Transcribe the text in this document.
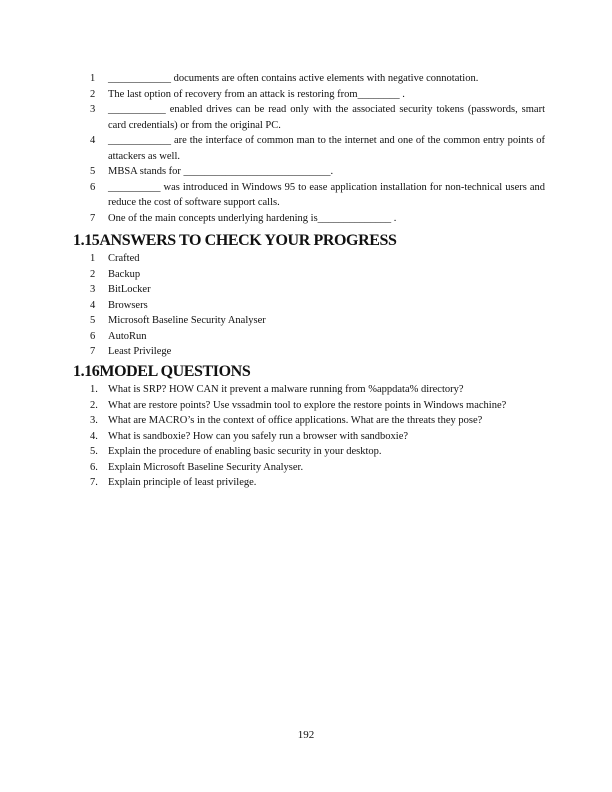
1 ____________ documents are often contains active elements with negative connotation.
2 The last option of recovery from an attack is restoring from________ .
3 ___________ enabled drives can be read only with the associated security tokens (passwords, smart card credentials) or from the original PC.
4 ____________ are the interface of common man to the internet and one of the common entry points of attackers as well.
5 MBSA stands for ____________________________.
6 __________ was introduced in Windows 95 to ease application installation for non-technical users and reduce the cost of software support calls.
7 One of the main concepts underlying hardening is______________ .
1.15ANSWERS TO CHECK YOUR PROGRESS
1 Crafted
2 Backup
3 BitLocker
4 Browsers
5 Microsoft Baseline Security Analyser
6 AutoRun
7 Least Privilege
1.16MODEL QUESTIONS
1. What is SRP? HOW CAN it prevent a malware running from %appdata% directory?
2. What are restore points? Use vssadmin tool to explore the restore points in Windows machine?
3. What are MACRO’s in the context of office applications. What are the threats they pose?
4. What is sandboxie? How can you safely run a browser with sandboxie?
5. Explain the procedure of enabling basic security in your desktop.
6. Explain Microsoft Baseline Security Analyser.
7. Explain principle of least privilege.
192
